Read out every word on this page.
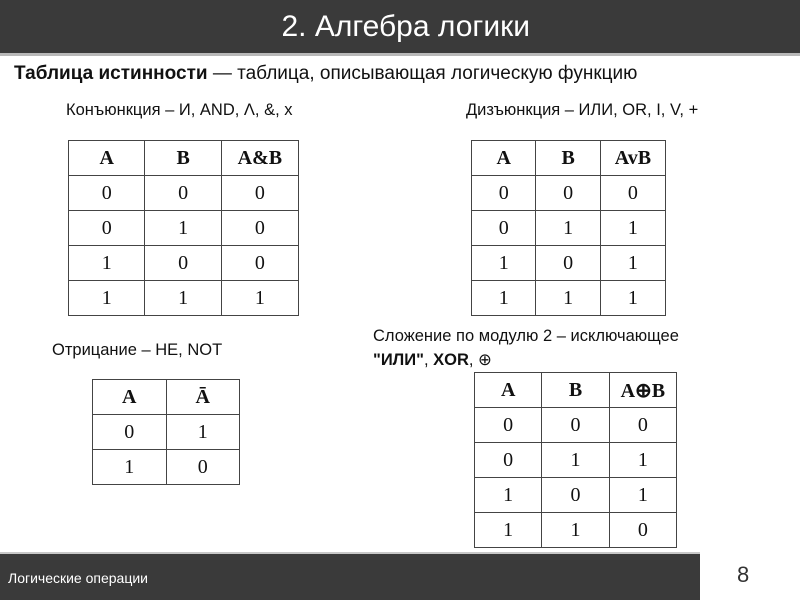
2. Алгебра логики
Таблица истинности — таблица, описывающая логическую функцию
Конъюнкция – И, AND, Λ, &, x
A	B	A&B
0	0	0
0	1	0
1	0	0
1	1	1
Дизъюнкция – ИЛИ, OR, I, V, +
A	B	AvB
0	0	0
0	1	1
1	0	1
1	1	1
Отрицание – НЕ, NOT
A	Ā
0	1
1	0
Сложение по модулю 2 – исключающее
"ИЛИ", XOR, ⊕
A	B	A⊕B
0	0	0
0	1	1
1	0	1
1	1	0
Логические операции	8
